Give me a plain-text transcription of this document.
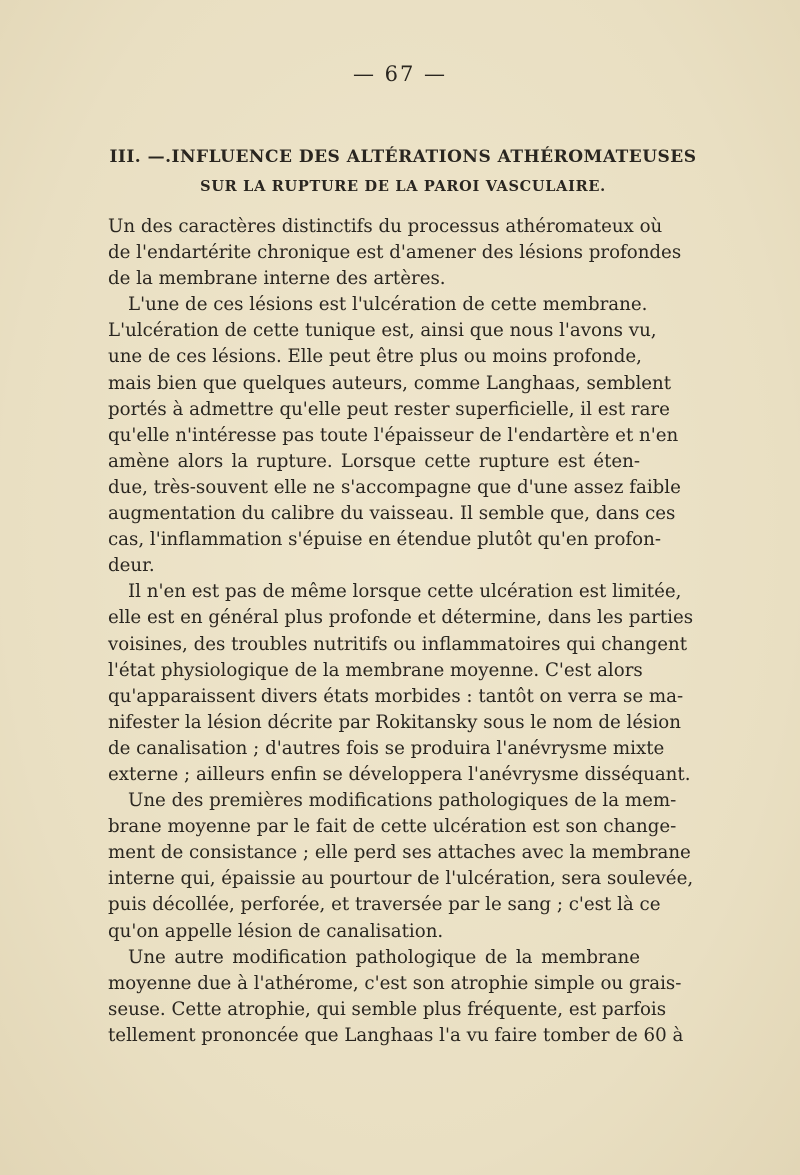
— 67 —
III. —.INFLUENCE DES ALTÉRATIONS ATHÉROMATEUSES
SUR LA RUPTURE DE LA PAROI VASCULAIRE.
Un des caractères distinctifs du processus athéromateux où
de l'endartérite chronique est d'amener des lésions profondes
de la membrane interne des artères.
L'une de ces lésions est l'ulcération de cette membrane.
L'ulcération de cette tunique est, ainsi que nous l'avons vu,
une de ces lésions. Elle peut être plus ou moins profonde,
mais bien que quelques auteurs, comme Langhaas, semblent
portés à admettre qu'elle peut rester superficielle, il est rare
qu'elle n'intéresse pas toute l'épaisseur de l'endartère et n'en
amène alors la rupture. Lorsque cette rupture est éten-
due, très-souvent elle ne s'accompagne que d'une assez faible
augmentation du calibre du vaisseau. Il semble que, dans ces
cas, l'inflammation s'épuise en étendue plutôt qu'en profon-
deur.
Il n'en est pas de même lorsque cette ulcération est limitée,
elle est en général plus profonde et détermine, dans les parties
voisines, des troubles nutritifs ou inflammatoires qui changent
l'état physiologique de la membrane moyenne. C'est alors
qu'apparaissent divers états morbides : tantôt on verra se ma-
nifester la lésion décrite par Rokitansky sous le nom de lésion
de canalisation ; d'autres fois se produira l'anévrysme mixte
externe ; ailleurs enfin se développera l'anévrysme disséquant.
Une des premières modifications pathologiques de la mem-
brane moyenne par le fait de cette ulcération est son change-
ment de consistance ; elle perd ses attaches avec la membrane
interne qui, épaissie au pourtour de l'ulcération, sera soulevée,
puis décollée, perforée, et traversée par le sang ; c'est là ce
qu'on appelle lésion de canalisation.
Une autre modification pathologique de la membrane
moyenne due à l'athérome, c'est son atrophie simple ou grais-
seuse. Cette atrophie, qui semble plus fréquente, est parfois
tellement prononcée que Langhaas l'a vu faire tomber de 60 à
